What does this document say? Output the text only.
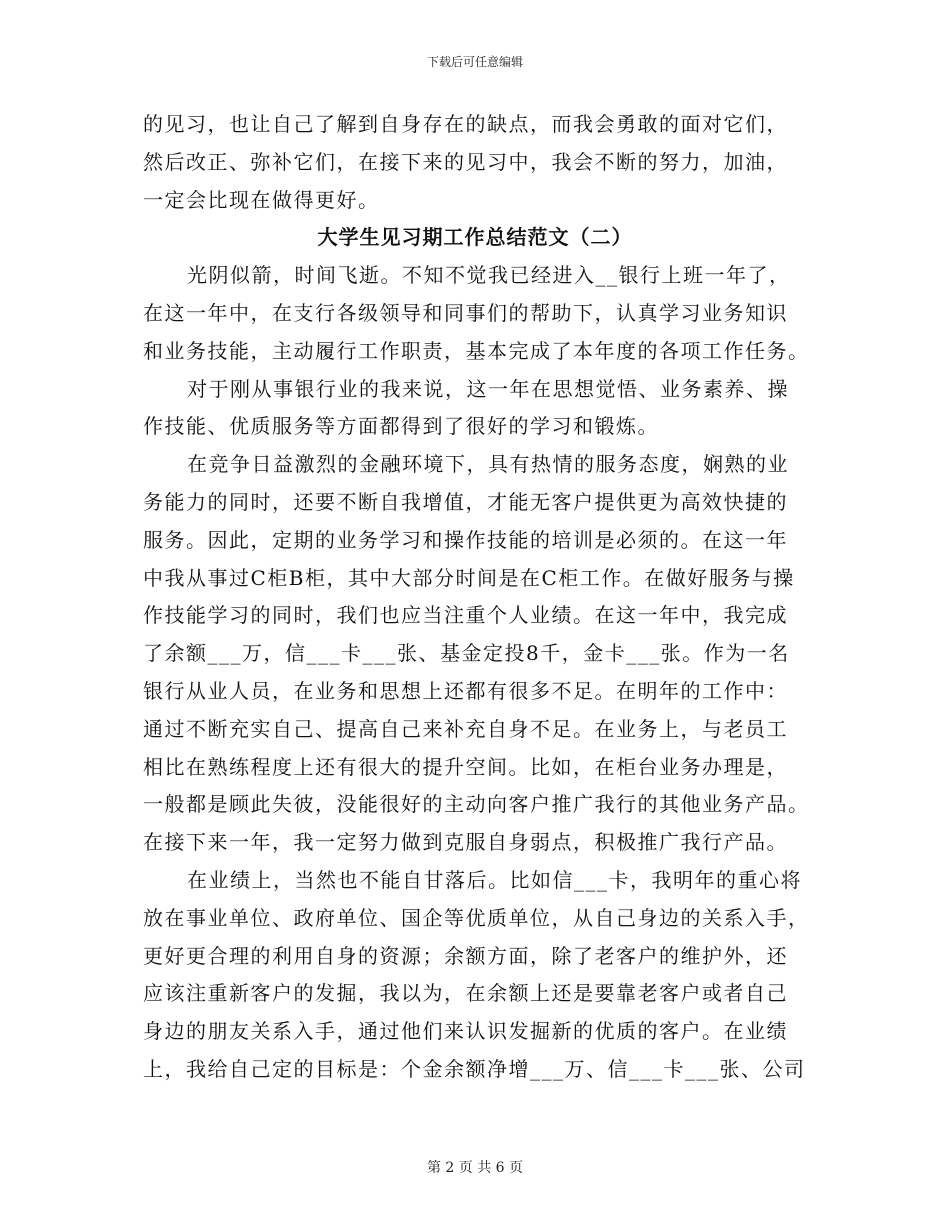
下载后可任意编辑
的见习，也让自己了解到自身存在的缺点，而我会勇敢的面对它们，
然后改正、弥补它们，在接下来的见习中，我会不断的努力，加油，
一定会比现在做得更好。
大学生见习期工作总结范文（二）
光阴似箭，时间飞逝。不知不觉我已经进入__银行上班一年了，
在这一年中，在支行各级领导和同事们的帮助下，认真学习业务知识
和业务技能，主动履行工作职责，基本完成了本年度的各项工作任务。
对于刚从事银行业的我来说，这一年在思想觉悟、业务素养、操
作技能、优质服务等方面都得到了很好的学习和锻炼。
在竞争日益激烈的金融环境下，具有热情的服务态度，娴熟的业
务能力的同时，还要不断自我增值，才能无客户提供更为高效快捷的
服务。因此，定期的业务学习和操作技能的培训是必须的。在这一年
中我从事过C柜B柜，其中大部分时间是在C柜工作。在做好服务与操
作技能学习的同时，我们也应当注重个人业绩。在这一年中，我完成
了余额___万，信___卡___张、基金定投8千，金卡___张。作为一名
银行从业人员，在业务和思想上还都有很多不足。在明年的工作中：
通过不断充实自己、提高自己来补充自身不足。在业务上，与老员工
相比在熟练程度上还有很大的提升空间。比如，在柜台业务办理是，
一般都是顾此失彼，没能很好的主动向客户推广我行的其他业务产品。
在接下来一年，我一定努力做到克服自身弱点，积极推广我行产品。
在业绩上，当然也不能自甘落后。比如信___卡，我明年的重心将
放在事业单位、政府单位、国企等优质单位，从自己身边的关系入手，
更好更合理的利用自身的资源；余额方面，除了老客户的维护外，还
应该注重新客户的发掘，我以为，在余额上还是要靠老客户或者自己
身边的朋友关系入手，通过他们来认识发掘新的优质的客户。在业绩
上，我给自己定的目标是：个金余额净增___万、信___卡___张、公司
第 2 页 共 6 页
